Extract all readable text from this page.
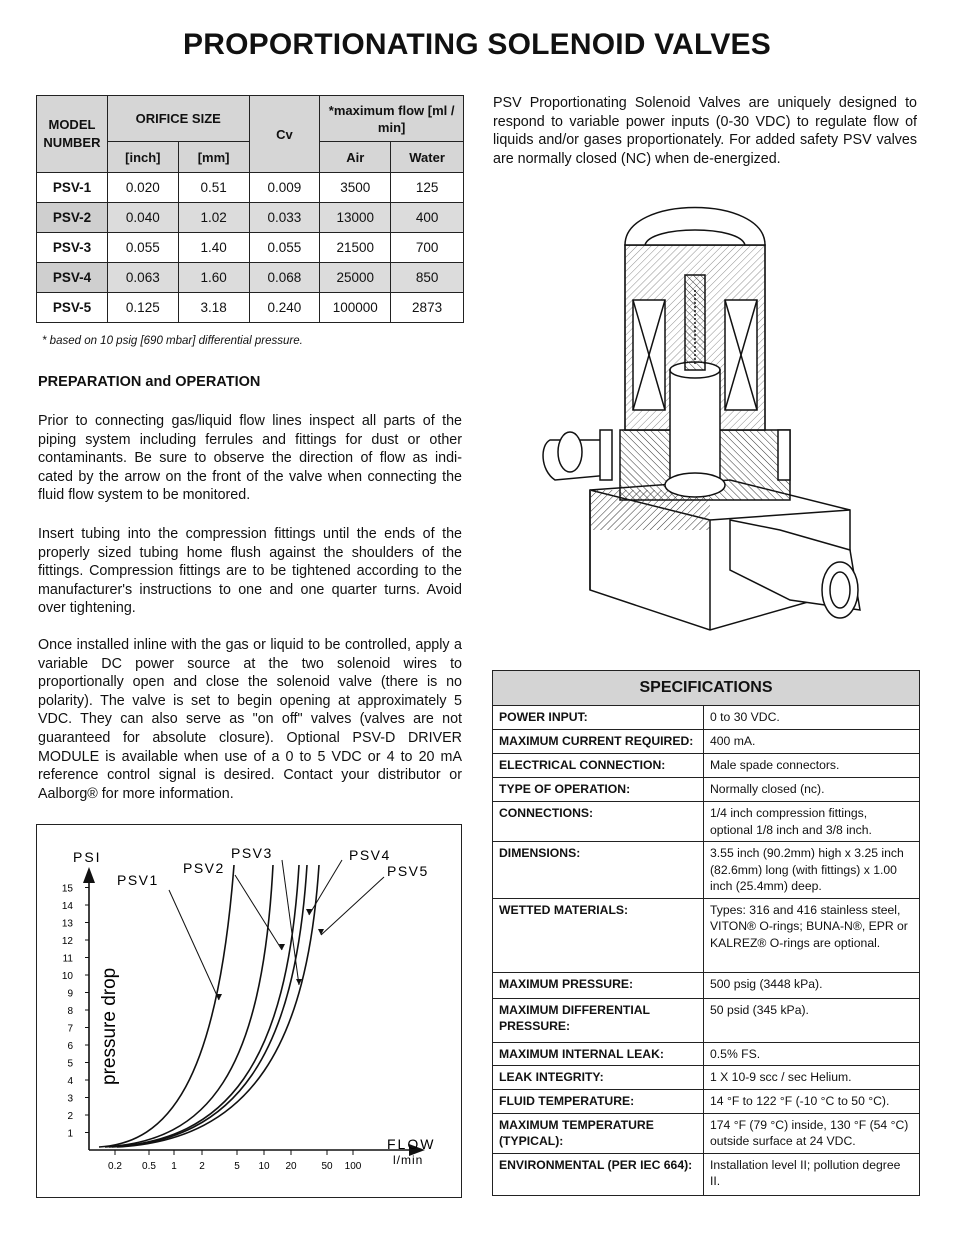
PROPORTIONATING SOLENOID VALVES
MODEL NUMBER	ORIFICE SIZE		Cv	*maximum flow [ml / min]	
	[inch]	[mm]		Air	Water
PSV-1	0.020	0.51	0.009	3500	125
PSV-2	0.040	1.02	0.033	13000	400
PSV-3	0.055	1.40	0.055	21500	700
PSV-4	0.063	1.60	0.068	25000	850
PSV-5	0.125	3.18	0.240	100000	2873
* based on 10 psig [690 mbar] differential pressure.
PREPARATION and OPERATION
Prior to connecting gas/liquid flow lines inspect all parts of the piping system including ferrules and fittings for dust or other contaminants. Be sure to observe the direction of flow as indi-cated by the arrow on the front of the valve when connecting the fluid flow system to be monitored.
Insert tubing into the compression fittings until the ends of the properly sized tubing home flush against the shoulders of the fittings. Compression fittings are to be tightened according to the manufacturer's instructions to one and one quarter turns. Avoid over tightening.
Once installed inline with the gas or liquid to be controlled, apply a variable DC power source at the two solenoid wires to proportionally open and close the solenoid valve (there is no polarity). The valve is set to begin opening at approximately 5 VDC. They can also serve as "on off" valves (valves are not guaranteed for absolute closure). Optional PSV-D DRIVER MODULE is available when use of a 0 to 5 VDC or 4 to 20 mA reference control signal is desired. Contact your distributor or Aalborg® for more information.
PSV Proportionating Solenoid Valves are uniquely designed to respond to variable power inputs (0-30 VDC) to regulate flow of liquids and/or gases proportionately. For added safety PSV valves are normally closed (NC) when de-energized.
1
2
3
4
5
6
7
8
9
10
11
12
13
14
15
0.2 0.5 1 2	5 10 20 50 100
PSV1
PSV2
PSV3	PSV4
PSV5
PSI
pressure drop
FLOW
l/min
SPECIFICATIONS	
POWER INPUT:	0 to 30 VDC.
MAXIMUM CURRENT REQUIRED:	400 mA.
ELECTRICAL CONNECTION:	Male spade connectors.
TYPE OF OPERATION:	Normally closed (nc).
CONNECTIONS:	1/4 inch compression fittings, optional 1/8 inch and 3/8 inch.
DIMENSIONS:	3.55 inch (90.2mm) high x 3.25 inch (82.6mm) long (with fittings) x 1.00 inch (25.4mm) deep.
WETTED MATERIALS:	Types: 316 and 416 stainless steel, VITON® O-rings; BUNA-N®, EPR or KALREZ® O-rings are optional.
MAXIMUM PRESSURE:	500 psig (3448 kPa).
MAXIMUM DIFFERENTIAL PRESSURE:	50 psid (345 kPa).
MAXIMUM INTERNAL LEAK:	0.5% FS.
LEAK INTEGRITY:	1 X 10-9 scc / sec Helium.
FLUID TEMPERATURE:	14 °F to 122 °F (-10 °C to 50 °C).
MAXIMUM TEMPERATURE (TYPICAL):	174 °F (79 °C) inside, 130 °F (54 °C) outside surface at 24 VDC.
ENVIRONMENTAL (PER IEC 664):	Installation level II; pollution degree II.
